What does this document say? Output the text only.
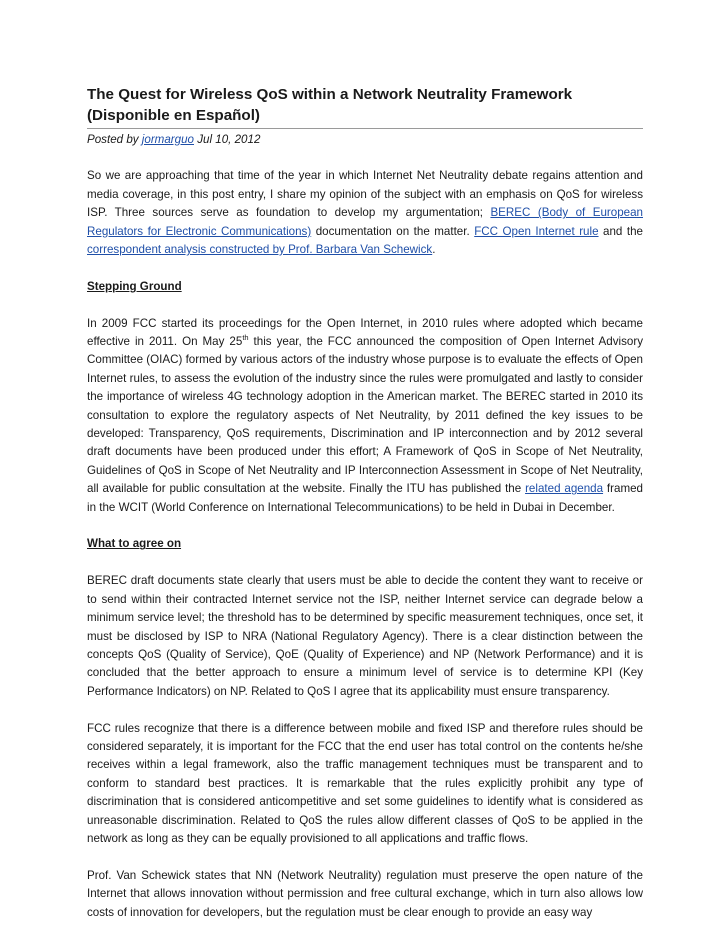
The Quest for Wireless QoS within a Network Neutrality Framework (Disponible en Español)
Posted by jormarguo Jul 10, 2012

So we are approaching that time of the year in which Internet Net Neutrality debate regains attention and media coverage, in this post entry, I share my opinion of the subject with an emphasis on QoS for wireless ISP. Three sources serve as foundation to develop my argumentation; BEREC (Body of European Regulators for Electronic Communications) documentation on the matter. FCC Open Internet rule and the correspondent analysis constructed by Prof. Barbara Van Schewick.

Stepping Ground

In 2009 FCC started its proceedings for the Open Internet, in 2010 rules where adopted which became effective in 2011. On May 25th this year, the FCC announced the composition of Open Internet Advisory Committee (OIAC) formed by various actors of the industry whose purpose is to evaluate the effects of Open Internet rules, to assess the evolution of the industry since the rules were promulgated and lastly to consider the importance of wireless 4G technology adoption in the American market. The BEREC started in 2010 its consultation to explore the regulatory aspects of Net Neutrality, by 2011 defined the key issues to be developed: Transparency, QoS requirements, Discrimination and IP interconnection and by 2012 several draft documents have been produced under this effort; A Framework of QoS in Scope of Net Neutrality, Guidelines of QoS in Scope of Net Neutrality and IP Interconnection Assessment in Scope of Net Neutrality, all available for public consultation at the website. Finally the ITU has published the related agenda framed in the WCIT (World Conference on International Telecommunications) to be held in Dubai in December.

What to agree on

BEREC draft documents state clearly that users must be able to decide the content they want to receive or to send within their contracted Internet service not the ISP, neither Internet service can degrade below a minimum service level; the threshold has to be determined by specific measurement techniques, once set, it must be disclosed by ISP to NRA (National Regulatory Agency). There is a clear distinction between the concepts QoS (Quality of Service), QoE (Quality of Experience) and NP (Network Performance) and it is concluded that the better approach to ensure a minimum level of service is to determine KPI (Key Performance Indicators) on NP. Related to QoS I agree that its applicability must ensure transparency.

FCC rules recognize that there is a difference between mobile and fixed ISP and therefore rules should be considered separately, it is important for the FCC that the end user has total control on the contents he/she receives within a legal framework, also the traffic management techniques must be transparent and to conform to standard best practices. It is remarkable that the rules explicitly prohibit any type of discrimination that is considered anticompetitive and set some guidelines to identify what is considered as unreasonable discrimination. Related to QoS the rules allow different classes of QoS to be applied in the network as long as they can be equally provisioned to all applications and traffic flows.

Prof. Van Schewick states that NN (Network Neutrality) regulation must preserve the open nature of the Internet that allows innovation without permission and free cultural exchange, which in turn also allows low costs of innovation for developers, but the regulation must be clear enough to provide an easy way
